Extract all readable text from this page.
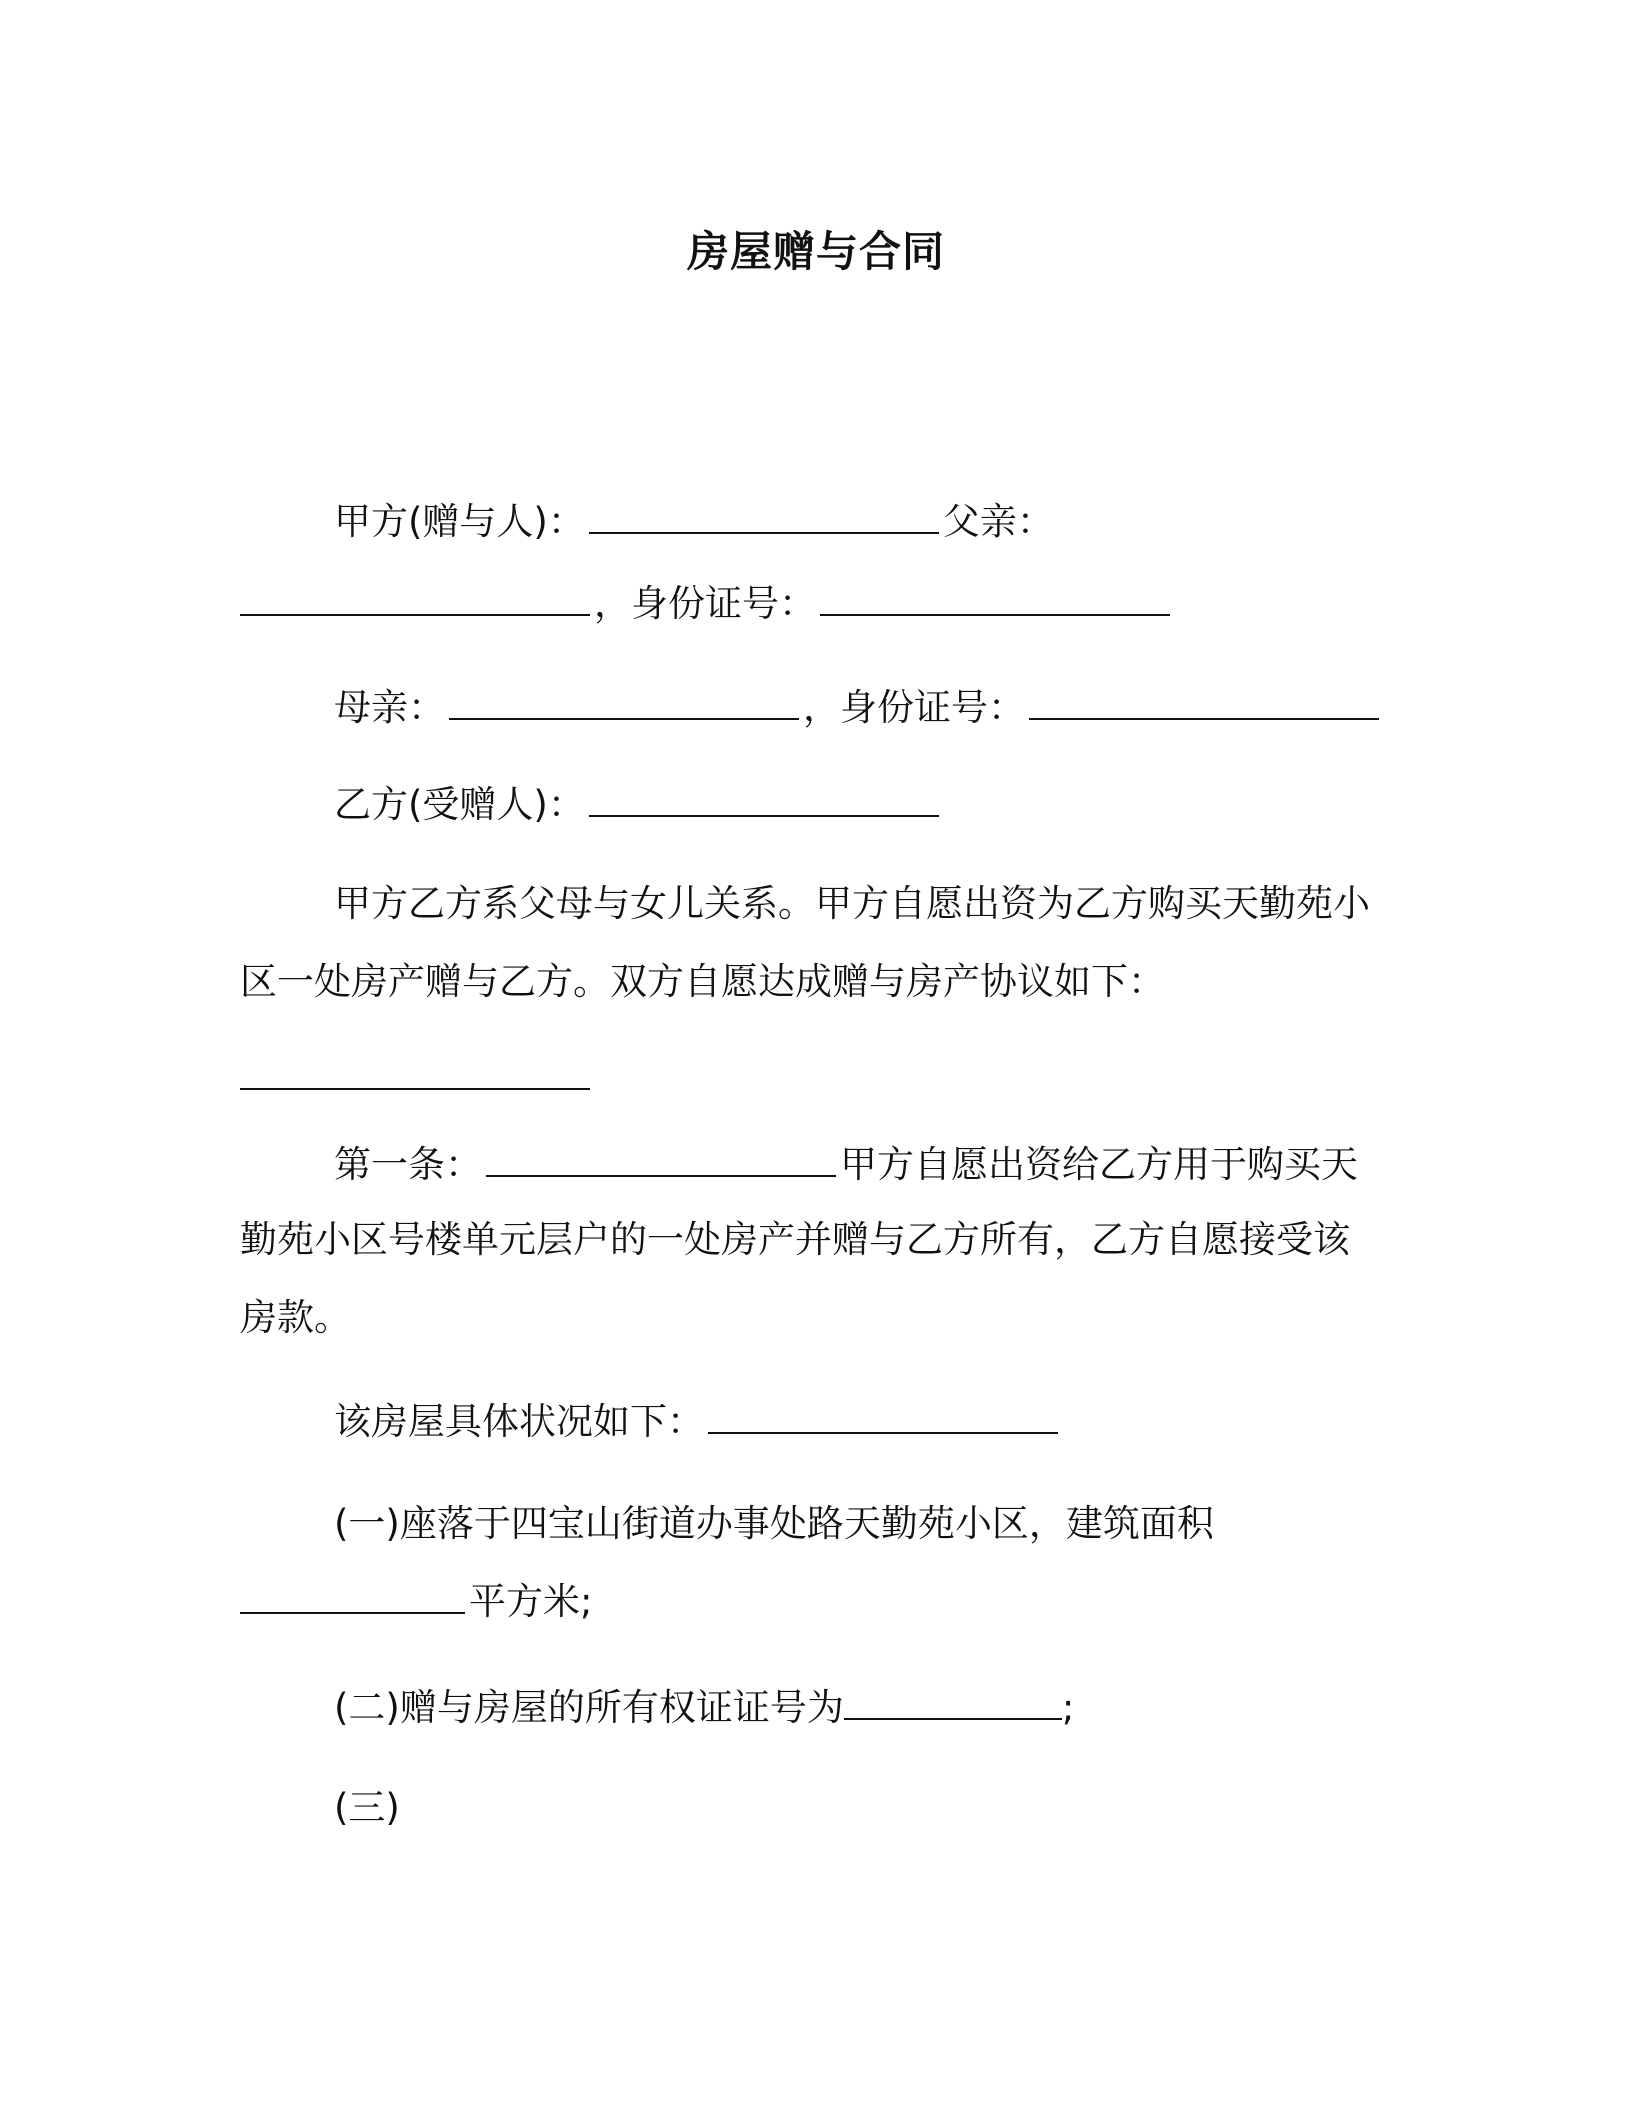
房屋赠与合同
甲方(赠与人)：	父亲：
，身份证号：
母亲：	，身份证号：
乙方(受赠人)：
甲方乙方系父母与女儿关系。甲方自愿出资为乙方购买天勤苑小
区一处房产赠与乙方。双方自愿达成赠与房产协议如下：
第一条：	甲方自愿出资给乙方用于购买天
勤苑小区号楼单元层户的一处房产并赠与乙方所有，乙方自愿接受该
房款。
该房屋具体状况如下：
(一)座落于四宝山街道办事处路天勤苑小区，建筑面积
平方米;
(二)赠与房屋的所有权证证号为	;
(三)
